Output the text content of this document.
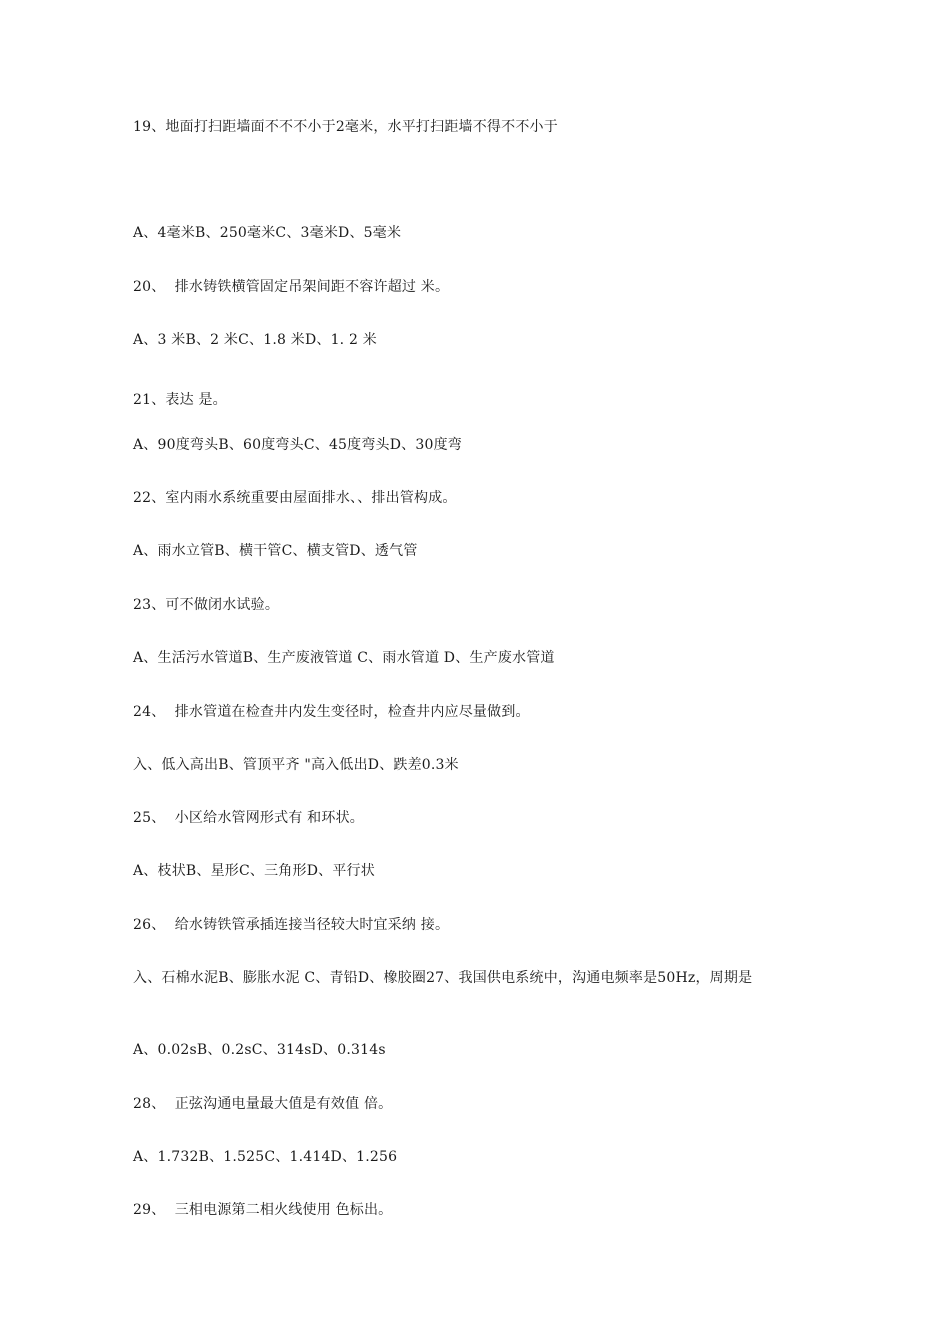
19、地面打扫距墙面不不不小于2毫米，水平打扫距墙不得不不小于
A、4毫米B、250毫米C、3毫米D、5毫米
20、  排水铸铁横管固定吊架间距不容许超过 米。
A、3 米B、2 米C、1.8 米D、1. 2 米
21、表达 是。
A、90度弯头B、60度弯头C、45度弯头D、30度弯
22、室内雨水系统重要由屋面排水、、排出管构成。
A、雨水立管B、横干管C、横支管D、透气管
23、可不做闭水试验。
A、生活污水管道B、生产废液管道 C、雨水管道 D、生产废水管道
24、  排水管道在检查井内发生变径时，检查井内应尽量做到。
入、低入高出B、管顶平齐 "高入低出D、跌差0.3米
25、  小区给水管网形式有 和环状。
A、枝状B、星形C、三角形D、平行状
26、  给水铸铁管承插连接当径较大时宜采纳 接。
入、石棉水泥B、膨胀水泥 C、青铅D、橡胶圈27、我国供电系统中，沟通电频率是50Hz，周期是
A、0.02sB、0.2sC、314sD、0.314s
28、  正弦沟通电量最大值是有效值 倍。
A、1.732B、1.525C、1.414D、1.256
29、  三相电源第二相火线使用 色标出。
